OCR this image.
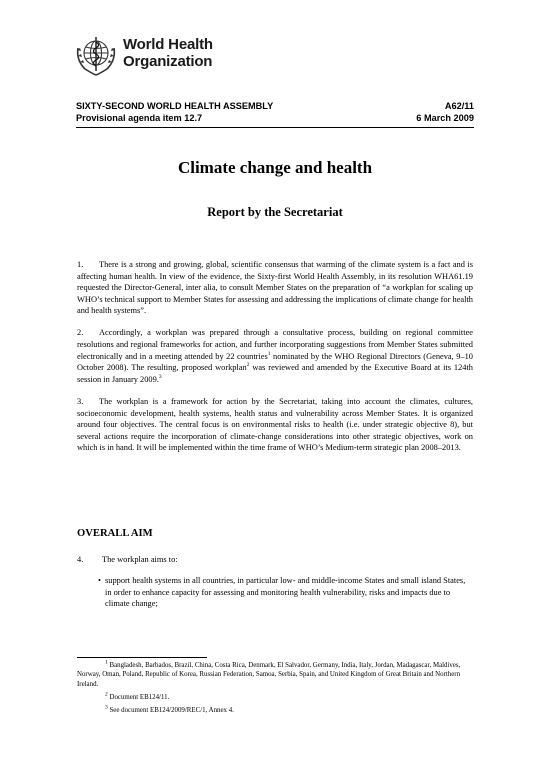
World Health
Organization
SIXTY-SECOND WORLD HEALTH ASSEMBLY	A62/11
Provisional agenda item 12.7	6 March 2009
Climate change and health
Report by the Secretariat

1. There is a strong and growing, global, scientific consensus that warming of the climate system is a fact and is affecting human health. In view of the evidence, the Sixty-first World Health Assembly, in its resolution WHA61.19 requested the Director-General, inter alia, to consult Member States on the preparation of “a workplan for scaling up WHO’s technical support to Member States for assessing and addressing the implications of climate change for health and health systems”.

2. Accordingly, a workplan was prepared through a consultative process, building on regional committee resolutions and regional frameworks for action, and further incorporating suggestions from Member States submitted electronically and in a meeting attended by 22 countries$^1$ nominated by the WHO Regional Directors (Geneva, 9–10 October 2008). The resulting, proposed workplan$^2$ was reviewed and amended by the Executive Board at its 124th session in January 2009.$^3$

3. The workplan is a framework for action by the Secretariat, taking into account the climates, cultures, socioeconomic development, health systems, health status and vulnerability across Member States. It is organized around four objectives. The central focus is on environmental risks to health (i.e. under strategic objective 8), but several actions require the incorporation of climate-change considerations into other strategic objectives, work on which is in hand. It will be implemented within the time frame of WHO’s Medium-term strategic plan 2008–2013.

OVERALL AIM
4. The workplan aims to:
• support health systems in all countries, in particular low- and middle-income States and small island States, in order to enhance capacity for assessing and monitoring health vulnerability, risks and impacts due to climate change;

$^1$ Bangladesh, Barbados, Brazil, China, Costa Rica, Denmark, El Salvador, Germany, India, Italy, Jordan, Madagascar, Maldives, Norway, Oman, Poland, Republic of Korea, Russian Federation, Samoa, Serbia, Spain, and United Kingdom of Great Britain and Northern Ireland.

$^2$ Document EB124/11.

$^3$ See document EB124/2009/REC/1, Annex 4.
